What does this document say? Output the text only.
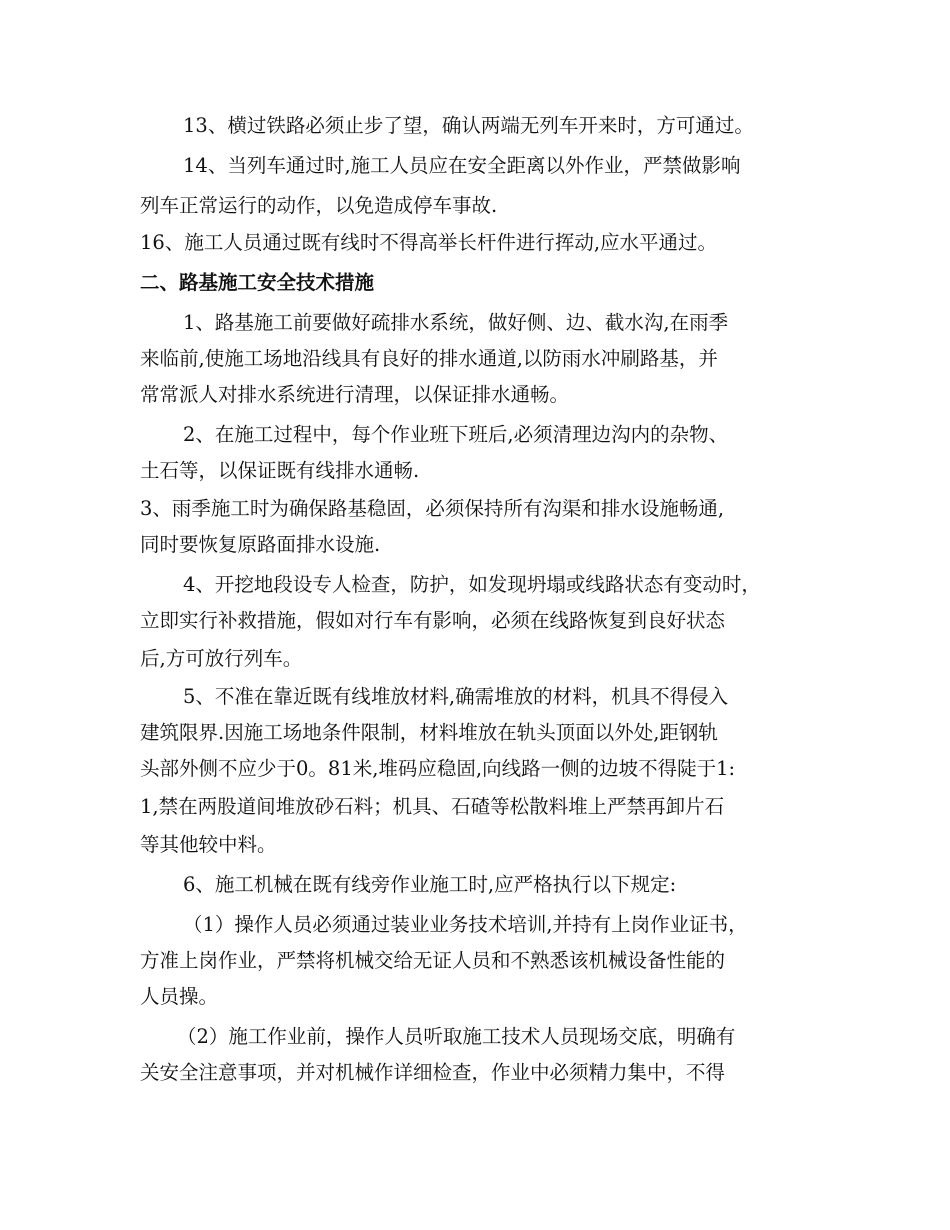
13、横过铁路必须止步了望，确认两端无列车开来时，方可通过。

14、当列车通过时,施工人员应在安全距离以外作业，严禁做影响

列车正常运行的动作，以免造成停车事故.

16、施工人员通过既有线时不得高举长杆件进行挥动,应水平通过。

二、路基施工安全技术措施

1、路基施工前要做好疏排水系统，做好侧、边、截水沟,在雨季

来临前,使施工场地沿线具有良好的排水通道,以防雨水冲刷路基，并

常常派人对排水系统进行清理，以保证排水通畅。

2、在施工过程中，每个作业班下班后,必须清理边沟内的杂物、

土石等，以保证既有线排水通畅.

3、雨季施工时为确保路基稳固，必须保持所有沟渠和排水设施畅通,

同时要恢复原路面排水设施.

4、开挖地段设专人检查，防护，如发现坍塌或线路状态有变动时，

立即实行补救措施，假如对行车有影响，必须在线路恢复到良好状态

后,方可放行列车。

5、不准在靠近既有线堆放材料,确需堆放的材料，机具不得侵入

建筑限界.因施工场地条件限制，材料堆放在轨头顶面以外处,距钢轨

头部外侧不应少于0。81米,堆码应稳固,向线路一侧的边坡不得陡于1:

1,禁在两股道间堆放砂石料；机具、石碴等松散料堆上严禁再卸片石

等其他较中料。

6、施工机械在既有线旁作业施工时,应严格执行以下规定:

（1）操作人员必须通过装业业务技术培训,并持有上岗作业证书，

方准上岗作业，严禁将机械交给无证人员和不熟悉该机械设备性能的

人员操。

（2）施工作业前，操作人员听取施工技术人员现场交底，明确有

关安全注意事项，并对机械作详细检查，作业中必须精力集中，不得
